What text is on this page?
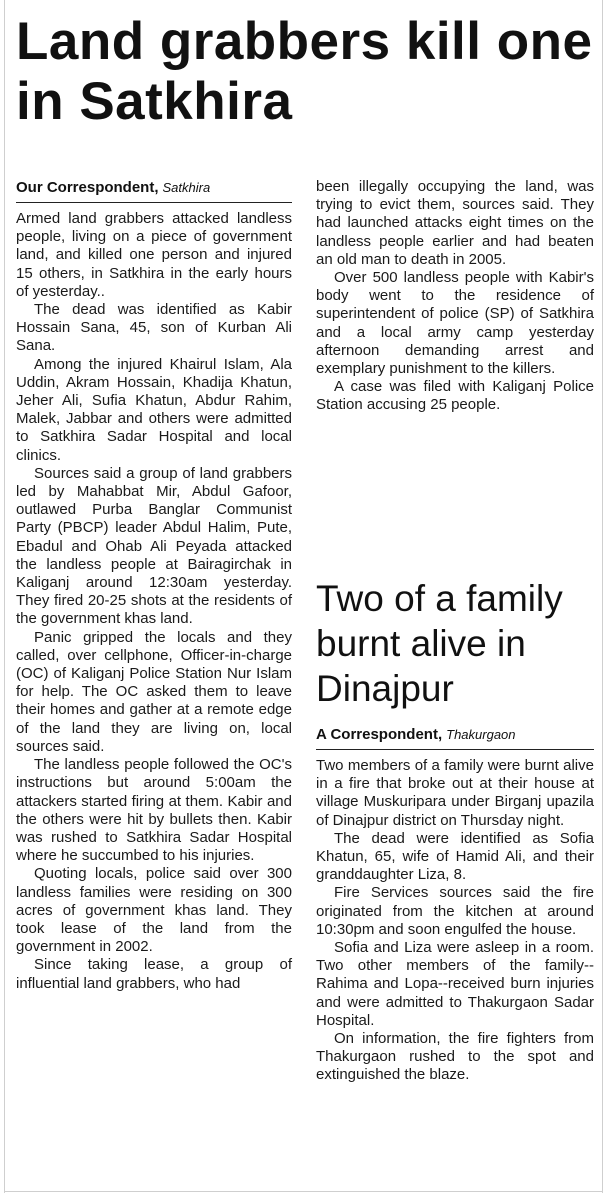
Land grabbers kill one in Satkhira
Our Correspondent, Satkhira

Armed land grabbers attacked landless people, living on a piece of government land, and killed one person and injured 15 others, in Satkhira in the early hours of yesterday..

The dead was identified as Kabir Hossain Sana, 45, son of Kurban Ali Sana.

Among the injured Khairul Islam, Ala Uddin, Akram Hossain, Khadija Khatun, Jeher Ali, Sufia Khatun, Abdur Rahim, Malek, Jabbar and others were admitted to Satkhira Sadar Hospital and local clinics.

Sources said a group of land grabbers led by Mahabbat Mir, Abdul Gafoor, outlawed Purba Banglar Communist Party (PBCP) leader Abdul Halim, Pute, Ebadul and Ohab Ali Peyada attacked the landless people at Bairagirchak in Kaliganj around 12:30am yesterday. They fired 20-25 shots at the residents of the government khas land.

Panic gripped the locals and they called, over cellphone, Officer-in-charge (OC) of Kaliganj Police Station Nur Islam for help. The OC asked them to leave their homes and gather at a remote edge of the land they are living on, local sources said.

The landless people followed the OC's instructions but around 5:00am the attackers started firing at them. Kabir and the others were hit by bullets then. Kabir was rushed to Satkhira Sadar Hospital where he succumbed to his injuries.

Quoting locals, police said over 300 landless families were residing on 300 acres of government khas land. They took lease of the land from the government in 2002.

Since taking lease, a group of influential land grabbers, who had

been illegally occupying the land, was trying to evict them, sources said. They had launched attacks eight times on the landless people earlier and had beaten an old man to death in 2005.

Over 500 landless people with Kabir's body went to the residence of superintendent of police (SP) of Satkhira and a local army camp yesterday afternoon demanding arrest and exemplary punishment to the killers.

A case was filed with Kaliganj Police Station accusing 25 people.

Two of a family burnt alive in Dinajpur
A Correspondent, Thakurgaon

Two members of a family were burnt alive in a fire that broke out at their house at village Muskuripara under Birganj upazila of Dinajpur district on Thursday night.

The dead were identified as Sofia Khatun, 65, wife of Hamid Ali, and their granddaughter Liza, 8.

Fire Services sources said the fire originated from the kitchen at around 10:30pm and soon engulfed the house.

Sofia and Liza were asleep in a room. Two other members of the family--Rahima and Lopa--received burn injuries and were admitted to Thakurgaon Sadar Hospital.

On information, the fire fighters from Thakurgaon rushed to the spot and extinguished the blaze.
